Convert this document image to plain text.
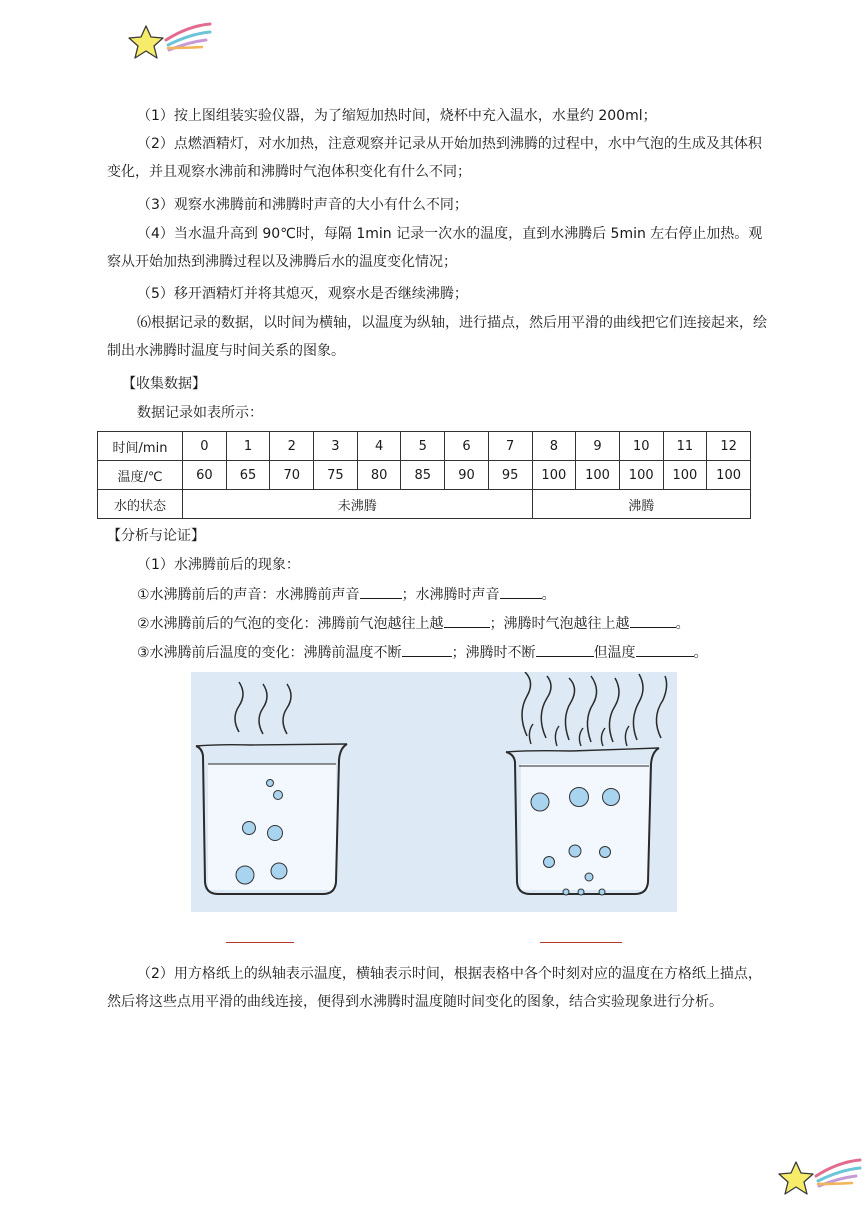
（1）按上图组装实验仪器，为了缩短加热时间，烧杯中充入温水，水量约 200ml；
（2）点燃酒精灯，对水加热，注意观察并记录从开始加热到沸腾的过程中，水中气泡的生成及其体积变化，并且观察水沸前和沸腾时气泡体积变化有什么不同；
（3）观察水沸腾前和沸腾时声音的大小有什么不同；
（4）当水温升高到 90℃时，每隔 1min 记录一次水的温度，直到水沸腾后 5min 左右停止加热。观察从开始加热到沸腾过程以及沸腾后水的温度变化情况；
（5）移开酒精灯并将其熄灭，观察水是否继续沸腾；
⑹根据记录的数据，以时间为横轴，以温度为纵轴，进行描点，然后用平滑的曲线把它们连接起来，绘制出水沸腾时温度与时间关系的图象。
【收集数据】
数据记录如表所示：
时间/min	0	1	2	3	4	5	6	7	8	9	10	11	12
温度/℃	60	65	70	75	80	85	90	95	100	100	100	100	100
水的状态	未沸腾								沸腾				
【分析与论证】
（1）水沸腾前后的现象：
①水沸腾前后的声音：水沸腾前声音	；水沸腾时声音	。
②水沸腾前后的气泡的变化：沸腾前气泡越往上越	；沸腾时气泡越往上越	。
③水沸腾前后温度的变化：沸腾前温度不断	；沸腾时不断	但温度	。
（2）用方格纸上的纵轴表示温度，横轴表示时间，根据表格中各个时刻对应的温度在方格纸上描点，然后将这些点用平滑的曲线连接，便得到水沸腾时温度随时间变化的图象，结合实验现象进行分析。
